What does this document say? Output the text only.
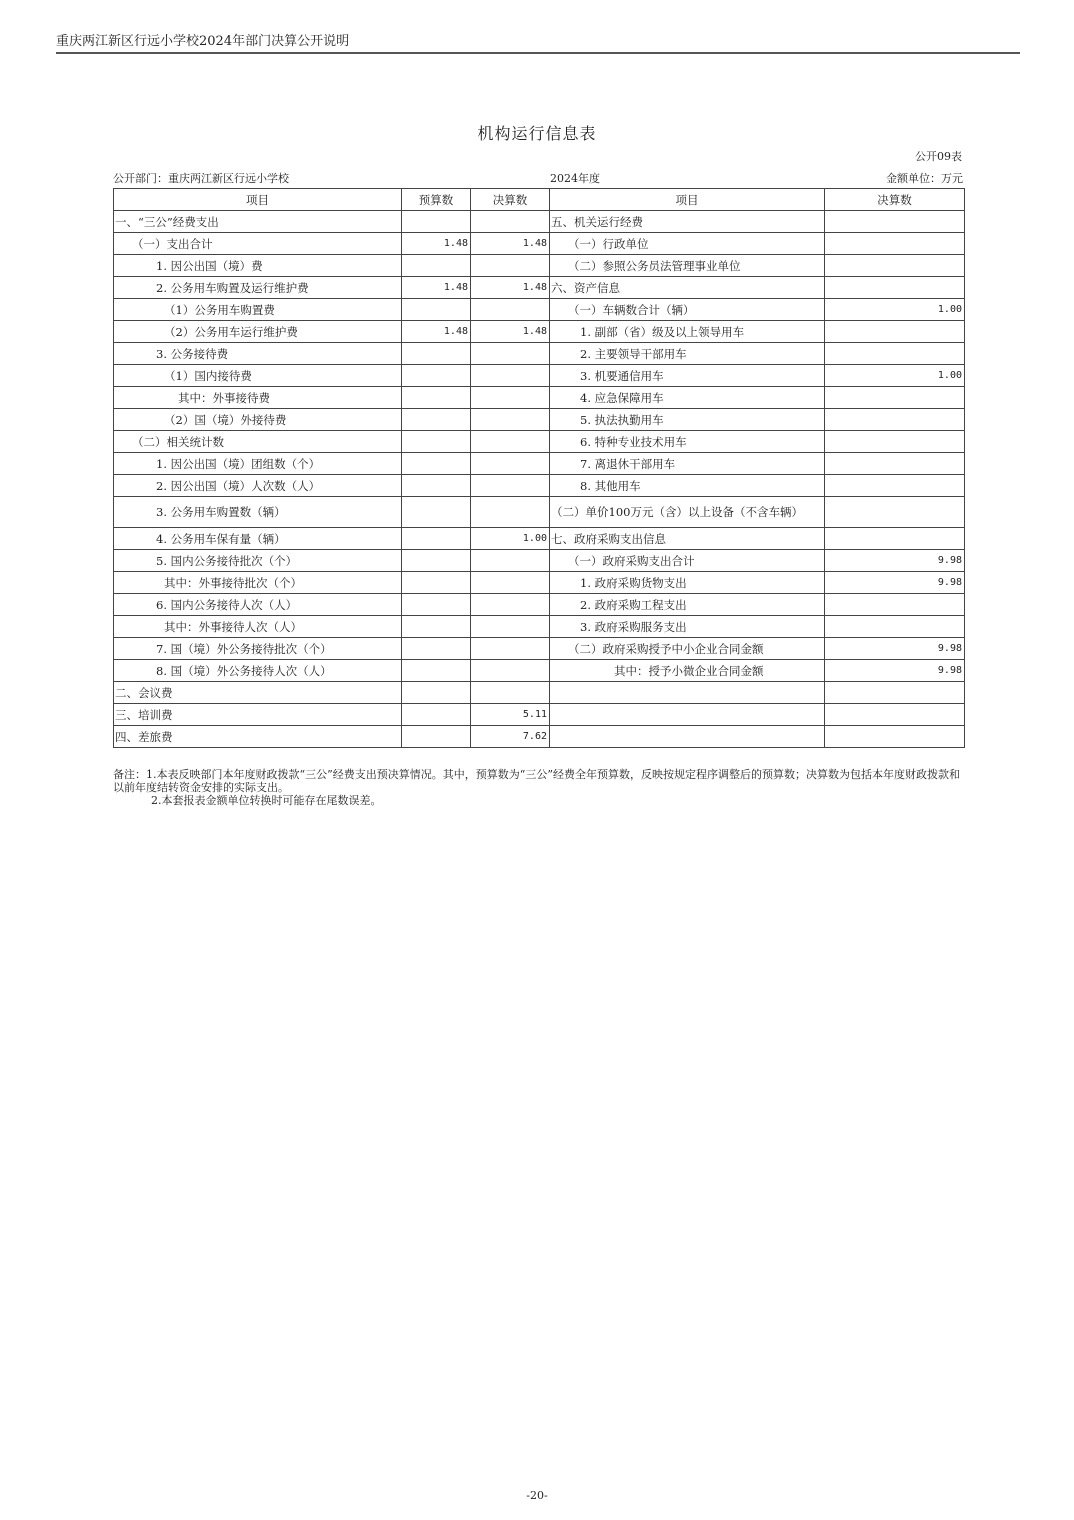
重庆两江新区行远小学校2024年部门决算公开说明
机构运行信息表
公开09表
公开部门：重庆两江新区行远小学校	2024年度	金额单位：万元
项目	预算数	决算数	项目	决算数
一、“三公”经费支出			五、机关运行经费	
（一）支出合计	1.48	1.48	（一）行政单位	
1. 因公出国（境）费			（二）参照公务员法管理事业单位	
2. 公务用车购置及运行维护费	1.48	1.48	六、资产信息	
（1）公务用车购置费			（一）车辆数合计（辆）	1.00
（2）公务用车运行维护费	1.48	1.48	1. 副部（省）级及以上领导用车	
3. 公务接待费			2. 主要领导干部用车	
（1）国内接待费			3. 机要通信用车	1.00
其中：外事接待费			4. 应急保障用车	
（2）国（境）外接待费			5. 执法执勤用车	
（二）相关统计数			6. 特种专业技术用车	
1. 因公出国（境）团组数（个）			7. 离退休干部用车	
2. 因公出国（境）人次数（人）			8. 其他用车	
3. 公务用车购置数（辆）			（二）单价100万元（含）以上设备（不含车辆）	
4. 公务用车保有量（辆）		1.00	七、政府采购支出信息	
5. 国内公务接待批次（个）			（一）政府采购支出合计	9.98
其中：外事接待批次（个）			1. 政府采购货物支出	9.98
6. 国内公务接待人次（人）			2. 政府采购工程支出	
其中：外事接待人次（人）			3. 政府采购服务支出	
7. 国（境）外公务接待批次（个）			（二）政府采购授予中小企业合同金额	9.98
8. 国（境）外公务接待人次（人）			其中：授予小微企业合同金额	9.98
二、会议费				
三、培训费		5.11		
四、差旅费		7.62		

备注：1.本表反映部门本年度财政拨款“三公”经费支出预决算情况。其中，预算数为“三公”经费全年预算数，反映按规定程序调整后的预算数；决算数为包括本年度财政拨款和以前年度结转资金安排的实际支出。

2.本套报表金额单位转换时可能存在尾数误差。

-20-
